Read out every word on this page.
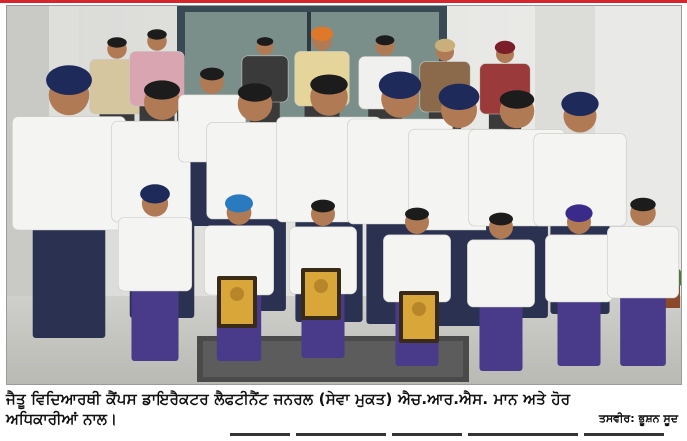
ਜੈਤੂ ਵਿਦਿਆਰਥੀ ਕੈਂਪਸ ਡਾਇਰੈਕਟਰ ਲੈਫਟੀਨੈਂਟ ਜਨਰਲ (ਸੇਵਾ ਮੁਕਤ) ਐਚ.ਆਰ.ਐਸ. ਮਾਨ ਅਤੇ ਹੋਰ
ਅਧਿਕਾਰੀਆਂ ਨਾਲ।	ਤਸਵੀਰ: ਭੂਸ਼ਨ ਸੂਦ
